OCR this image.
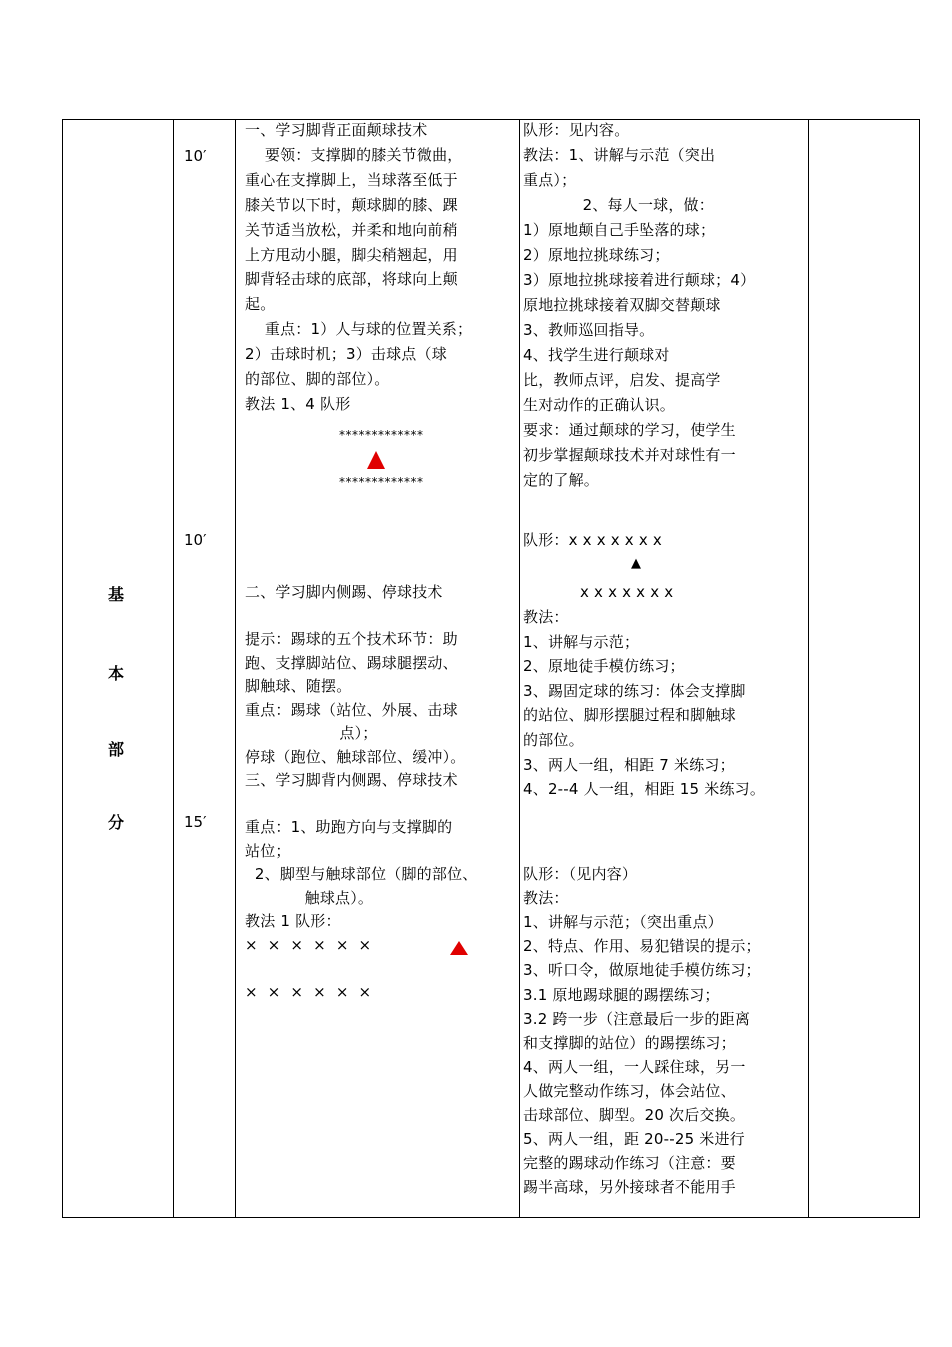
基
本
部
分
10′
10′
15′
一、学习脚背正面颠球技术
要领：支撑脚的膝关节微曲，
重心在支撑脚上，当球落至低于
膝关节以下时，颠球脚的膝、踝
关节适当放松，并柔和地向前稍
上方甩动小腿，脚尖稍翘起，用
脚背轻击球的底部，将球向上颠
起。
重点：1）人与球的位置关系；
2）击球时机；3）击球点（球
的部位、脚的部位）。
教法 1、4 队形
*************
*************
二、学习脚内侧踢、停球技术
提示：踢球的五个技术环节：助
跑、支撑脚站位、踢球腿摆动、
脚触球、随摆。
重点：踢球（站位、外展、击球
点）；
停球（跑位、触球部位、缓冲）。
三、学习脚背内侧踢、停球技术
重点：1、助跑方向与支撑脚的
站位；
2、脚型与触球部位（脚的部位、
触球点）。
教法 1 队形：
×  ×  ×  ×  ×  ×
×  ×  ×  ×  ×  ×
队形：见内容。
教法：1、讲解与示范（突出
重点）；
2、每人一球，做：
1）原地颠自己手坠落的球；
2）原地拉挑球练习；
3）原地拉挑球接着进行颠球；4）
原地拉挑球接着双脚交替颠球
3、教师巡回指导。
4、找学生进行颠球对
比，教师点评，启发、提高学
生对动作的正确认识。
要求：通过颠球的学习，使学生
初步掌握颠球技术并对球性有一
定的了解。
队形：x x x x x x x
▲
x x x x x x x
教法：
1、讲解与示范；
2、原地徒手模仿练习；
3、踢固定球的练习：体会支撑脚
的站位、脚形摆腿过程和脚触球
的部位。
3、两人一组，相距 7 米练习；
4、2--4 人一组，相距 15 米练习。
队形：（见内容）
教法：
1、讲解与示范；（突出重点）
2、特点、作用、易犯错误的提示；
3、听口令，做原地徒手模仿练习；
3.1 原地踢球腿的踢摆练习；
3.2 跨一步（注意最后一步的距离
和支撑脚的站位）的踢摆练习；
4、两人一组，一人踩住球，另一
人做完整动作练习，体会站位、
击球部位、脚型。20 次后交换。
5、两人一组，距 20--25 米进行
完整的踢球动作练习（注意：要
踢半高球，另外接球者不能用手
